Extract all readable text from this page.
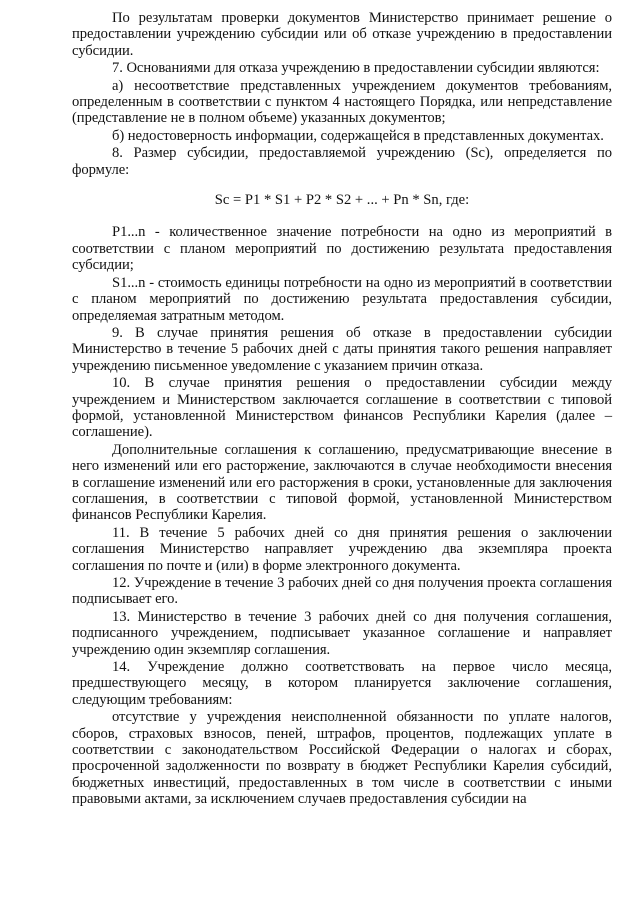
По результатам проверки документов Министерство принимает решение о предоставлении учреждению субсидии или об отказе учреждению в предоставлении субсидии.

7. Основаниями для отказа учреждению в предоставлении субсидии являются:

а) несоответствие представленных учреждением документов требованиям, определенным в соответствии с пунктом 4 настоящего Порядка, или непредставление (представление не в полном объеме) указанных документов;

б) недостоверность информации, содержащейся в представленных документах.

8. Размер субсидии, предоставляемой учреждению (Sc), определяется по формуле:

Sc = P1 * S1 + P2 * S2 + ... + Pn * Sn, где:

P1...n - количественное значение потребности на одно из мероприятий в соответствии с планом мероприятий по достижению результата предоставления субсидии;

S1...n - стоимость единицы потребности на одно из мероприятий в соответствии с планом мероприятий по достижению результата предоставления субсидии, определяемая затратным методом.

9. В случае принятия решения об отказе в предоставлении субсидии Министерство в течение 5 рабочих дней с даты принятия такого решения направляет учреждению письменное уведомление с указанием причин отказа.

10. В случае принятия решения о предоставлении субсидии между учреждением и Министерством заключается соглашение в соответствии с типовой формой, установленной Министерством финансов Республики Карелия (далее – соглашение).

Дополнительные соглашения к соглашению, предусматривающие внесение в него изменений или его расторжение, заключаются в случае необходимости внесения в соглашение изменений или его расторжения в сроки, установленные для заключения соглашения, в соответствии с типовой формой, установленной Министерством финансов Республики Карелия.

11. В течение 5 рабочих дней со дня принятия решения о заключении соглашения Министерство направляет учреждению два экземпляра проекта соглашения по почте и (или) в форме электронного документа.

12. Учреждение в течение 3 рабочих дней со дня получения проекта соглашения подписывает его.

13. Министерство в течение 3 рабочих дней со дня получения соглашения, подписанного учреждением, подписывает указанное соглашение и направляет учреждению один экземпляр соглашения.

14. Учреждение должно соответствовать на первое число месяца, предшествующего месяцу, в котором планируется заключение соглашения, следующим требованиям:

отсутствие у учреждения неисполненной обязанности по уплате налогов, сборов, страховых взносов, пеней, штрафов, процентов, подлежащих уплате в соответствии с законодательством Российской Федерации о налогах и сборах, просроченной задолженности по возврату в бюджет Республики Карелия субсидий, бюджетных инвестиций, предоставленных в том числе в соответствии с иными правовыми актами, за исключением случаев предоставления субсидии на
